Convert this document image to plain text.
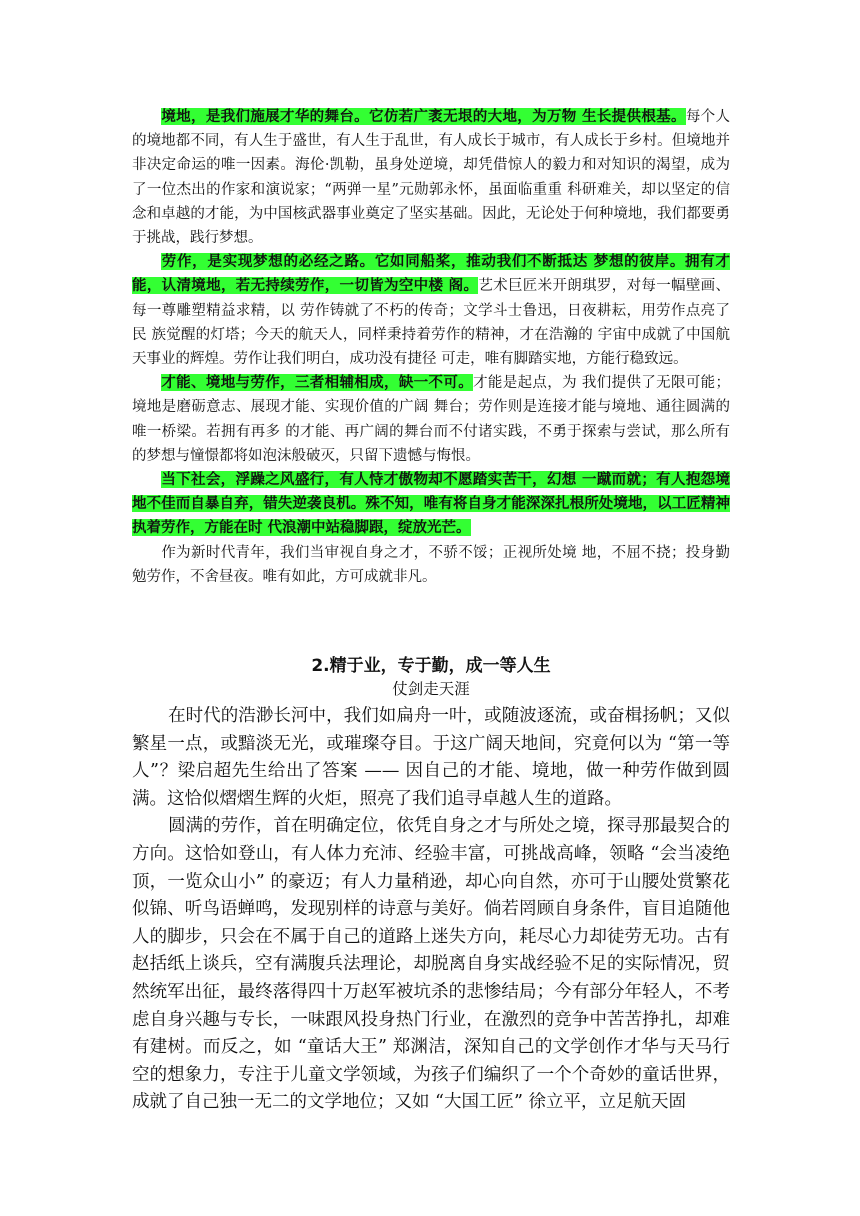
境地，是我们施展才华的舞台。它仿若广袤无垠的大地，为万物 生长提供根基。每个人的境地都不同，有人生于盛世，有人生于乱世，有人成长于城市，有人成长于乡村。但境地并非决定命运的唯一因素。海伦·凯勒，虽身处逆境，却凭借惊人的毅力和对知识的渴望，成为 了一位杰出的作家和演说家；“两弹一星”元勋郭永怀，虽面临重重 科研难关，却以坚定的信念和卓越的才能，为中国核武器事业奠定了坚实基础。因此，无论处于何种境地，我们都要勇于挑战，践行梦想。

劳作，是实现梦想的必经之路。它如同船桨，推动我们不断抵达 梦想的彼岸。拥有才能，认清境地，若无持续劳作，一切皆为空中楼 阁。艺术巨匠米开朗琪罗，对每一幅壁画、每一尊雕塑精益求精，以 劳作铸就了不朽的传奇；文学斗士鲁迅，日夜耕耘，用劳作点亮了民 族觉醒的灯塔；今天的航天人，同样秉持着劳作的精神，才在浩瀚的 宇宙中成就了中国航天事业的辉煌。劳作让我们明白，成功没有捷径 可走，唯有脚踏实地，方能行稳致远。

才能、境地与劳作，三者相辅相成，缺一不可。才能是起点，为 我们提供了无限可能；境地是磨砺意志、展现才能、实现价值的广阔 舞台；劳作则是连接才能与境地、通往圆满的唯一桥梁。若拥有再多 的才能、再广阔的舞台而不付诸实践，不勇于探索与尝试，那么所有 的梦想与憧憬都将如泡沫般破灭，只留下遗憾与悔恨。

当下社会，浮躁之风盛行，有人恃才傲物却不愿踏实苦干，幻想 一蹴而就；有人抱怨境地不佳而自暴自弃，错失逆袭良机。殊不知，唯有将自身才能深深扎根所处境地，以工匠精神执着劳作，方能在时 代浪潮中站稳脚跟，绽放光芒。

作为新时代青年，我们当审视自身之才，不骄不馁；正视所处境 地，不屈不挠；投身勤勉劳作，不舍昼夜。唯有如此，方可成就非凡。

2.精于业，专于勤，成一等人生
仗剑走天涯

在时代的浩渺长河中，我们如扁舟一叶，或随波逐流，或奋楫扬帆；又似繁星一点，或黯淡无光，或璀璨夺目。于这广阔天地间，究竟何以为 “第一等人”？梁启超先生给出了答案 —— 因自己的才能、境地，做一种劳作做到圆满。这恰似熠熠生辉的火炬，照亮了我们追寻卓越人生的道路。

圆满的劳作，首在明确定位，依凭自身之才与所处之境，探寻那最契合的方向。这恰如登山，有人体力充沛、经验丰富，可挑战高峰，领略 “会当凌绝顶，一览众山小” 的豪迈；有人力量稍逊，却心向自然，亦可于山腰处赏繁花似锦、听鸟语蝉鸣，发现别样的诗意与美好。倘若罔顾自身条件，盲目追随他人的脚步，只会在不属于自己的道路上迷失方向，耗尽心力却徒劳无功。古有赵括纸上谈兵，空有满腹兵法理论，却脱离自身实战经验不足的实际情况，贸然统军出征，最终落得四十万赵军被坑杀的悲惨结局；今有部分年轻人，不考虑自身兴趣与专长，一味跟风投身热门行业，在激烈的竞争中苦苦挣扎，却难有建树。而反之，如 “童话大王” 郑渊洁，深知自己的文学创作才华与天马行空的想象力，专注于儿童文学领域，为孩子们编织了一个个奇妙的童话世界，成就了自己独一无二的文学地位；又如 “大国工匠” 徐立平，立足航天固
